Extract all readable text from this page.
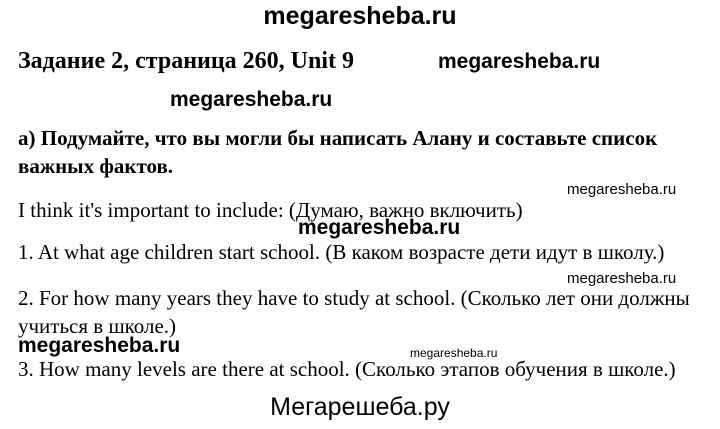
megaresheba.ru
Задание 2, страница 260, Unit 9	megaresheba.ru
megaresheba.ru
а) Подумайте, что вы могли бы написать Алану и составьте список важных фактов.
megaresheba.ru
I think it's important to include: (Думаю, важно включить)
megaresheba.ru
1. At what age children start school. (В каком возрасте дети идут в школу.)
megaresheba.ru
2. For how many years they have to study at school. (Сколько лет они должны
учиться в школе.)
megaresheba.ru	megaresheba.ru
3. How many levels are there at school. (Сколько этапов обучения в школе.)
Мегарешеба.ру
